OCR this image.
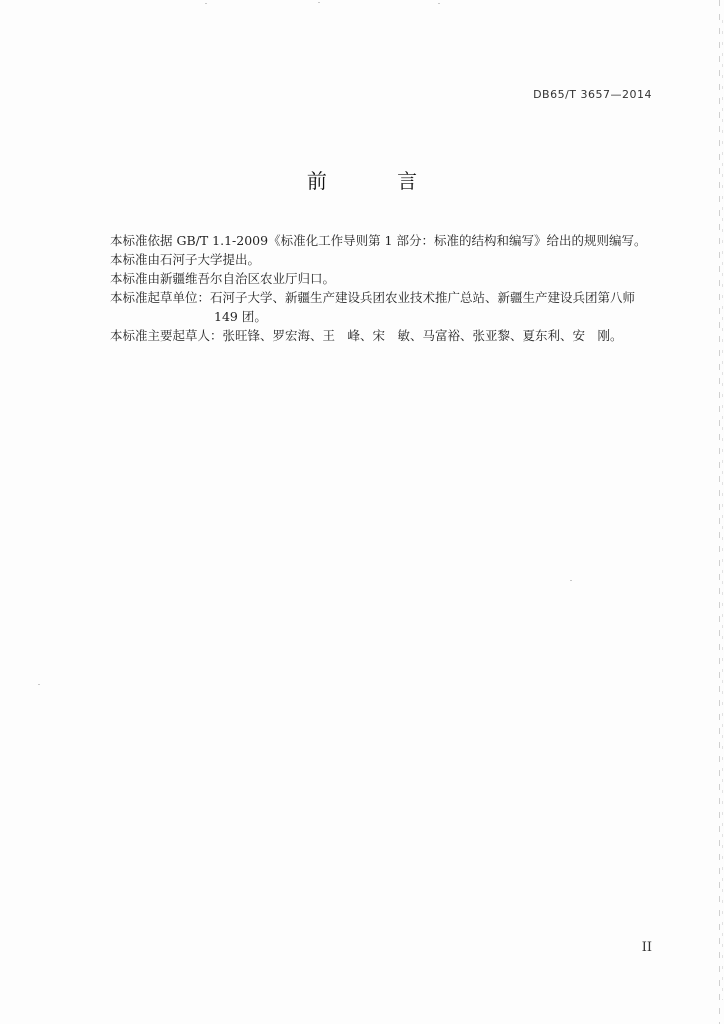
DB65/T 3657—2014
前 言

本标准依据 GB/T 1.1-2009《标准化工作导则第 1 部分：标准的结构和编写》给出的规则编写。

本标准由石河子大学提出。

本标准由新疆维吾尔自治区农业厅归口。

本标准起草单位：石河子大学、新疆生产建设兵团农业技术推广总站、新疆生产建设兵团第八师

149 团。

本标准主要起草人：张旺锋、罗宏海、王　峰、宋　敏、马富裕、张亚黎、夏东利、安　刚。

II
